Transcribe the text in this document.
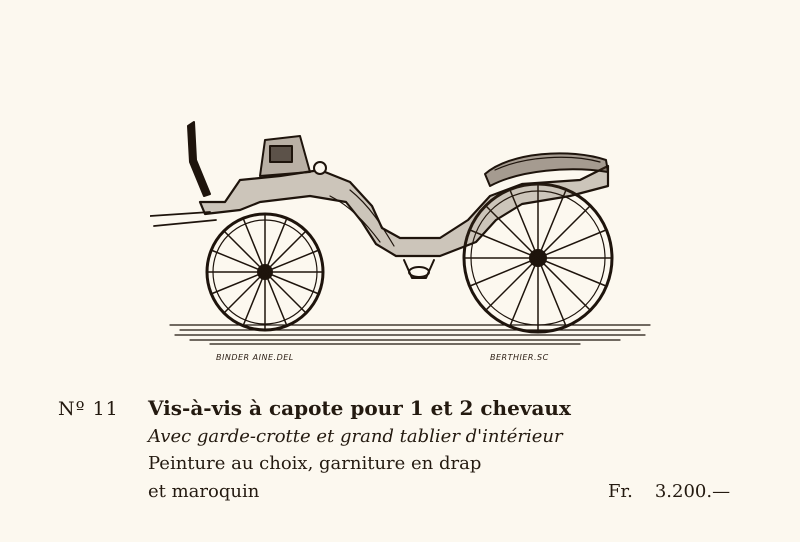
BINDER AINE.DEL	BERTHIER.SC
Nº 11 Vis-à-vis à capote pour 1 et 2 chevaux
Avec garde-crotte et grand tablier d'intérieur
Peinture au choix, garniture en drap
et maroquin	Fr. 3.200.—
